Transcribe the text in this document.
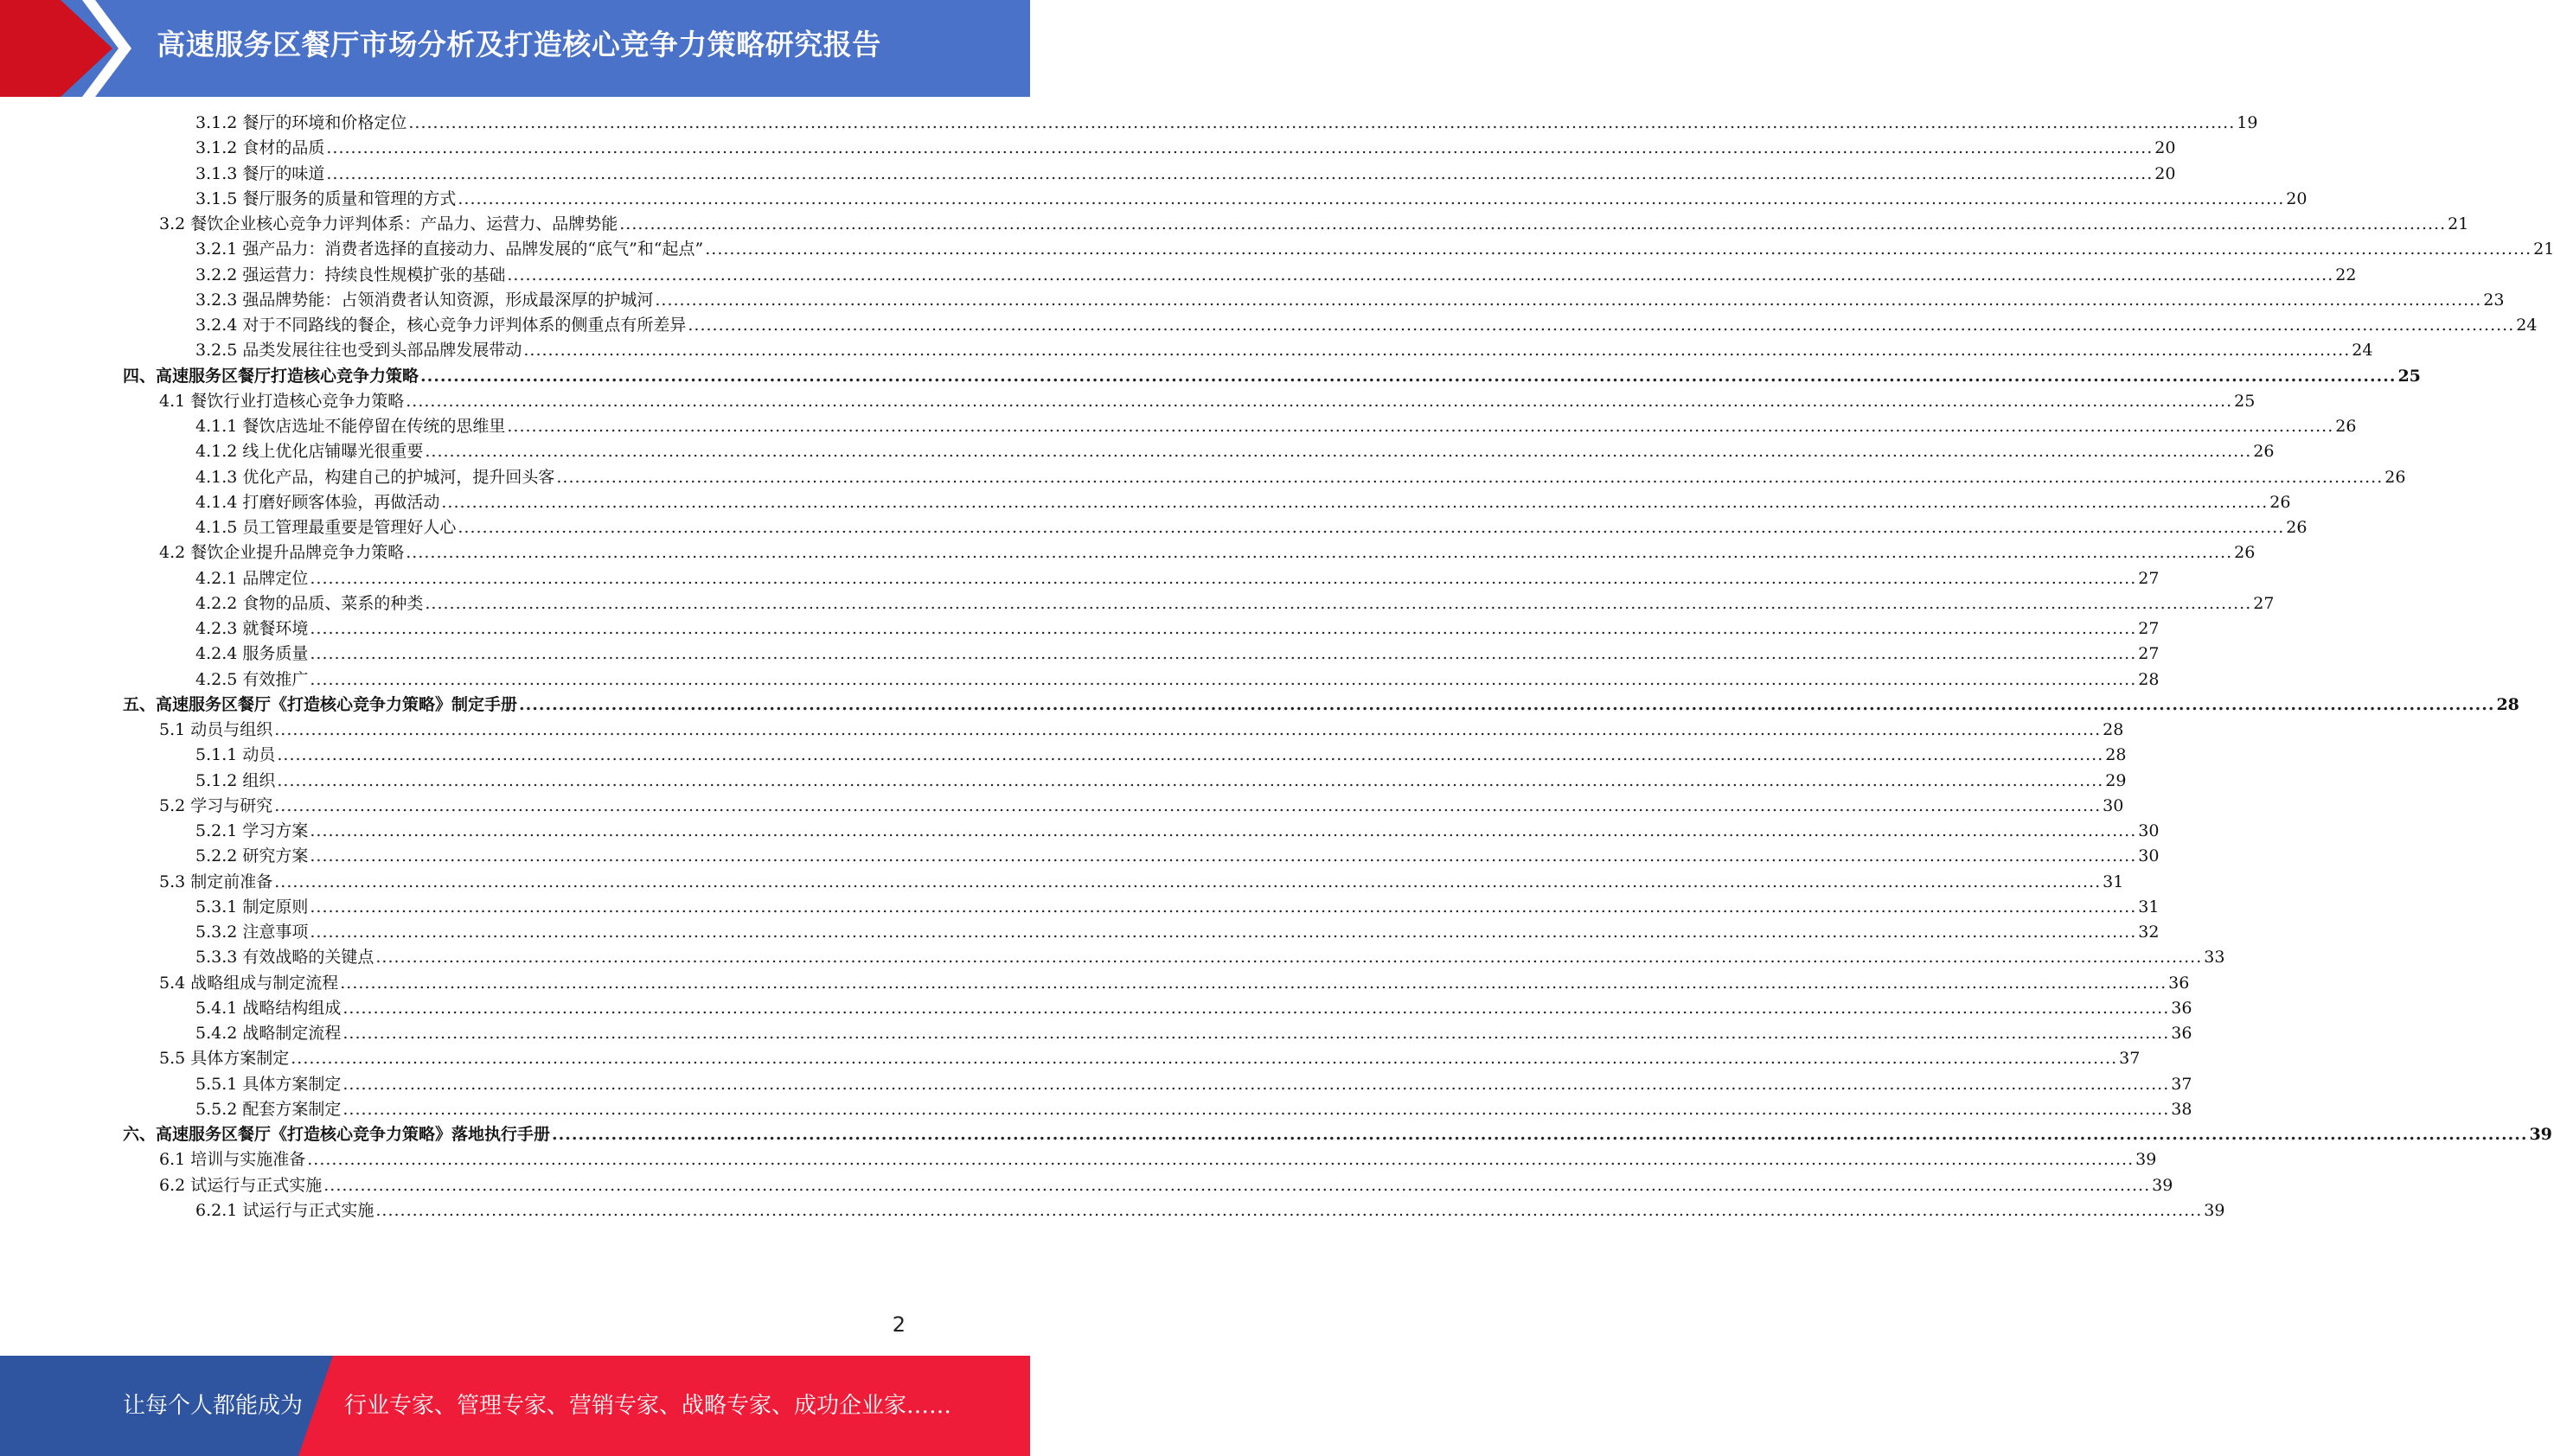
高速服务区餐厅市场分析及打造核心竞争力策略研究报告
3.1.2 餐厅的环境和价格定位 ............................................................................................................................................................................................................................................................................................................ 19
3.1.2 食材的品质 ............................................................................................................................................................................................................................................................................................................ 20
3.1.3 餐厅的味道 ............................................................................................................................................................................................................................................................................................................ 20
3.1.5 餐厅服务的质量和管理的方式 ............................................................................................................................................................................................................................................................................................................ 20
3.2 餐饮企业核心竞争力评判体系：产品力、运营力、品牌势能 ............................................................................................................................................................................................................................................................................................................ 21
3.2.1 强产品力：消费者选择的直接动力、品牌发展的“底气”和“起点” ............................................................................................................................................................................................................................................................................................................ 21
3.2.2 强运营力：持续良性规模扩张的基础 ............................................................................................................................................................................................................................................................................................................ 22
3.2.3 强品牌势能：占领消费者认知资源，形成最深厚的护城河 ............................................................................................................................................................................................................................................................................................................ 23
3.2.4 对于不同路线的餐企，核心竞争力评判体系的侧重点有所差异 ............................................................................................................................................................................................................................................................................................................ 24
3.2.5 品类发展往往也受到头部品牌发展带动 ............................................................................................................................................................................................................................................................................................................ 24
四、高速服务区餐厅打造核心竞争力策略 ............................................................................................................................................................................................................................................................................................................ 25
4.1 餐饮行业打造核心竞争力策略 ............................................................................................................................................................................................................................................................................................................ 25
4.1.1 餐饮店选址不能停留在传统的思维里 ............................................................................................................................................................................................................................................................................................................ 26
4.1.2 线上优化店铺曝光很重要 ............................................................................................................................................................................................................................................................................................................ 26
4.1.3 优化产品，构建自己的护城河，提升回头客 ............................................................................................................................................................................................................................................................................................................ 26
4.1.4 打磨好顾客体验，再做活动 ............................................................................................................................................................................................................................................................................................................ 26
4.1.5 员工管理最重要是管理好人心 ............................................................................................................................................................................................................................................................................................................ 26
4.2 餐饮企业提升品牌竞争力策略 ............................................................................................................................................................................................................................................................................................................ 26
4.2.1 品牌定位 ............................................................................................................................................................................................................................................................................................................ 27
4.2.2 食物的品质、菜系的种类 ............................................................................................................................................................................................................................................................................................................ 27
4.2.3 就餐环境 ............................................................................................................................................................................................................................................................................................................ 27
4.2.4 服务质量 ............................................................................................................................................................................................................................................................................................................ 27
4.2.5 有效推广 ............................................................................................................................................................................................................................................................................................................ 28
五、高速服务区餐厅《打造核心竞争力策略》制定手册 ............................................................................................................................................................................................................................................................................................................ 28
5.1 动员与组织 ............................................................................................................................................................................................................................................................................................................ 28
5.1.1 动员 ............................................................................................................................................................................................................................................................................................................ 28
5.1.2 组织 ............................................................................................................................................................................................................................................................................................................ 29
5.2 学习与研究 ............................................................................................................................................................................................................................................................................................................ 30
5.2.1 学习方案 ............................................................................................................................................................................................................................................................................................................ 30
5.2.2 研究方案 ............................................................................................................................................................................................................................................................................................................ 30
5.3 制定前准备 ............................................................................................................................................................................................................................................................................................................ 31
5.3.1 制定原则 ............................................................................................................................................................................................................................................................................................................ 31
5.3.2 注意事项 ............................................................................................................................................................................................................................................................................................................ 32
5.3.3 有效战略的关键点 ............................................................................................................................................................................................................................................................................................................ 33
5.4 战略组成与制定流程 ............................................................................................................................................................................................................................................................................................................ 36
5.4.1 战略结构组成 ............................................................................................................................................................................................................................................................................................................ 36
5.4.2 战略制定流程 ............................................................................................................................................................................................................................................................................................................ 36
5.5 具体方案制定 ............................................................................................................................................................................................................................................................................................................ 37
5.5.1 具体方案制定 ............................................................................................................................................................................................................................................................................................................ 37
5.5.2 配套方案制定 ............................................................................................................................................................................................................................................................................................................ 38
六、高速服务区餐厅《打造核心竞争力策略》落地执行手册 ............................................................................................................................................................................................................................................................................................................ 39
6.1 培训与实施准备 ............................................................................................................................................................................................................................................................................................................ 39
6.2 试运行与正式实施 ............................................................................................................................................................................................................................................................................................................ 39
6.2.1 试运行与正式实施 ............................................................................................................................................................................................................................................................................................................ 39
2
让每个人都能成为 行业专家、管理专家、营销专家、战略专家、成功企业家……
